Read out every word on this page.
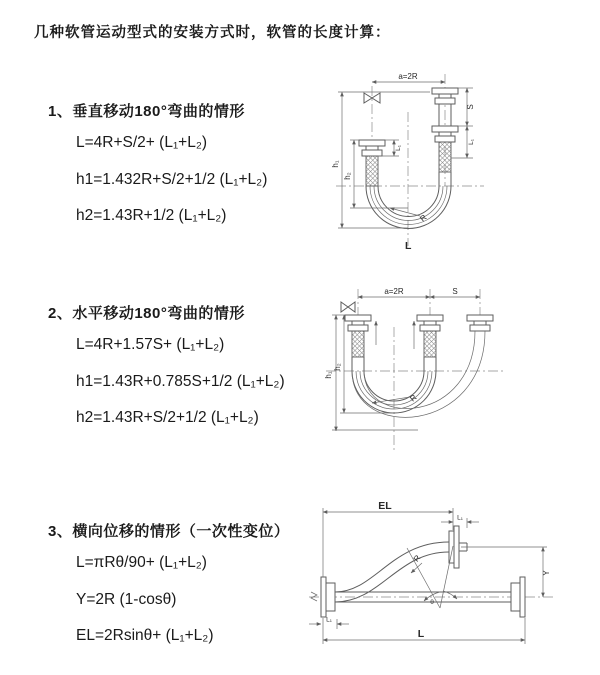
几种软管运动型式的安装方式时，软管的长度计算：
1、垂直移动180°弯曲的情形
L=4R+S/2+ (L₁+L₂)
h1=1.432R+S/2+1/2 (L₁+L₂)
h2=1.43R+1/2 (L₁+L₂)
2、水平移动180°弯曲的情形
L=4R+1.57S+ (L₁+L₂)
h1=1.43R+0.785S+1/2 (L₁+L₂)
h2=1.43R+S/2+1/2 (L₁+L₂)
3、横向位移的情形（一次性变位）
L=πRθ/90+ (L₁+L₂)
Y=2R (1-cosθ)
EL=2Rsinθ+ (L₁+L₂)
a=2R
h₁
h₂
L₁
S
L₁
R
L
a=2R	S
h₁
h₂
R
EL
L₁
Y
L
L₁
R
θ
